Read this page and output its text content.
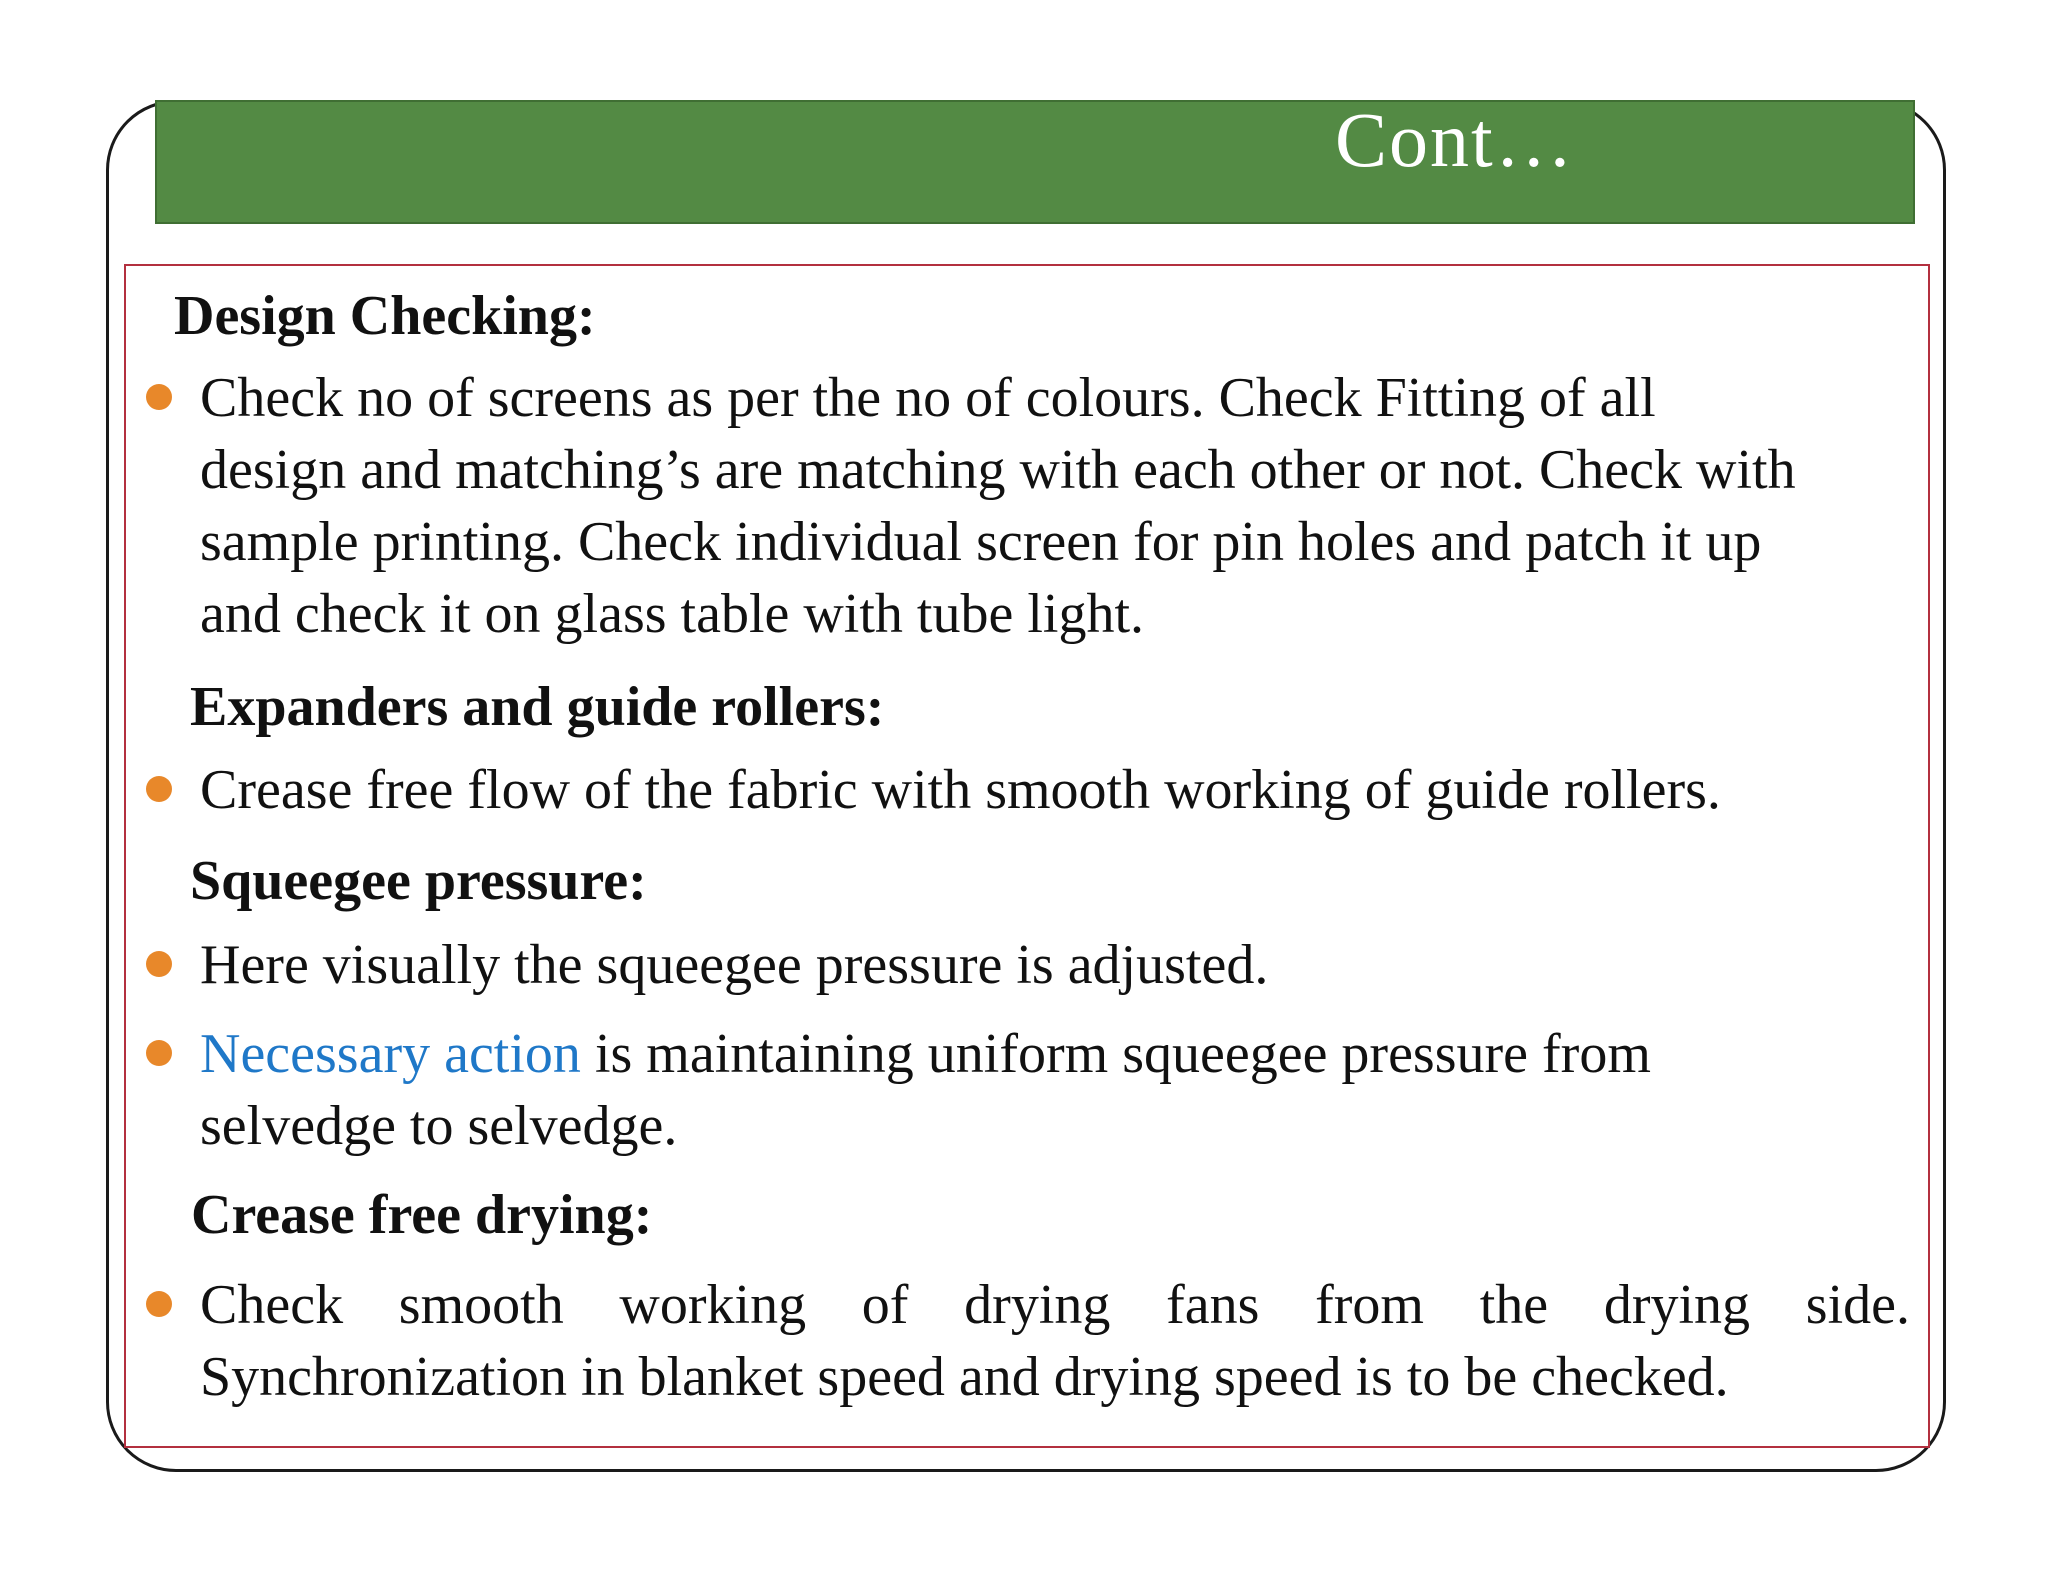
Cont…
Design Checking:
Check no of screens as per the no of colours. Check Fitting of all
design and matching’s are matching with each other or not. Check with
sample printing. Check individual screen for pin holes and patch it up
and check it on glass table with tube light.
Expanders and guide rollers:
Crease free flow of the fabric with smooth working of guide rollers.
Squeegee pressure:
Here visually the squeegee pressure is adjusted.
Necessary action is maintaining uniform squeegee pressure from
selvedge to selvedge.
Crease free drying:
Check smooth working of drying fans from the drying side.
Synchronization in blanket speed and drying speed is to be checked.
